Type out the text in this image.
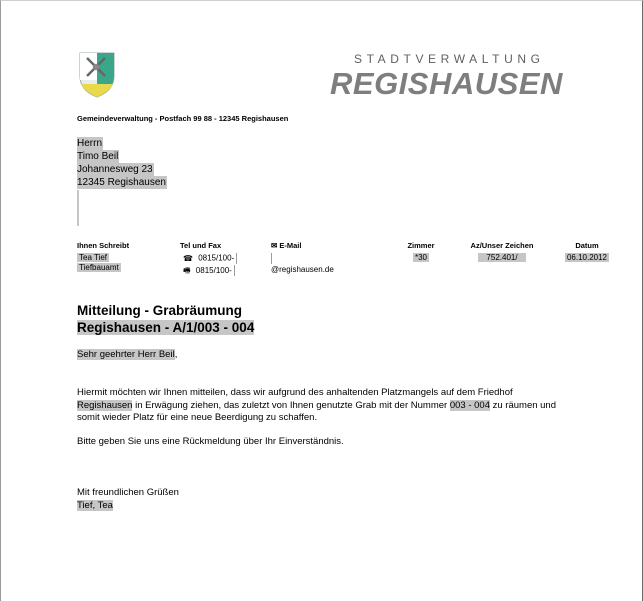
STADTVERWALTUNG
REGISHAUSEN
Gemeindeverwaltung - Postfach 99 88 - 12345 Regishausen
Herrn
Timo Beil
Johannesweg 23
12345 Regishausen
Ihnen Schreibt
Tea Tief
Tiefbauamt
Tel und Fax
☎ 0815/100-
🖷 0815/100-
✉ E-Mail
@regishausen.de
Zimmer
*30
Az/Unser Zeichen
752.401/
Datum
06.10.2012
Mitteilung - Grabräumung
Regishausen - A/1/003 - 004
Sehr geehrter Herr Beil,
Hiermit möchten wir Ihnen mitteilen, dass wir aufgrund des anhaltenden Platzmangels auf dem Friedhof Regishausen in Erwägung ziehen, das zuletzt von Ihnen genutzte Grab mit der Nummer 003 - 004 zu räumen und somit wieder Platz für eine neue Beerdigung zu schaffen.
Bitte geben Sie uns eine Rückmeldung über Ihr Einverständnis.
Mit freundlichen Grüßen
Tief, Tea
